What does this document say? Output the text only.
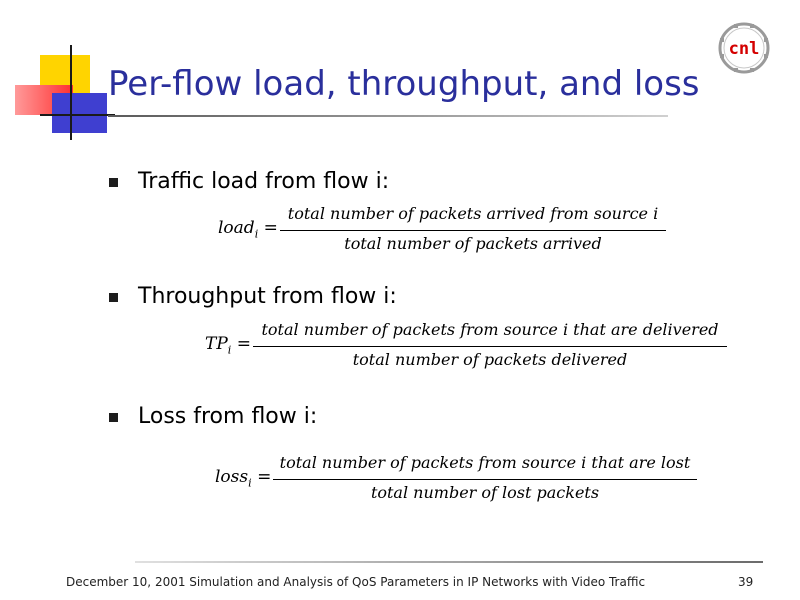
Per-flow load, throughput, and loss
cnl
Traffic load from flow i:
load$_i$ =
total number of packets arrived from source i
total number of packets arrived
Throughput from flow i:
$TP_i$ =
total number of packets from source i that are delivered
total number of packets delivered
Loss from flow i:
loss$_i$ =
total number of packets from source i that are lost
total number of lost packets
December 10, 2001 Simulation and Analysis of QoS Parameters in IP Networks with Video Traffic	39
